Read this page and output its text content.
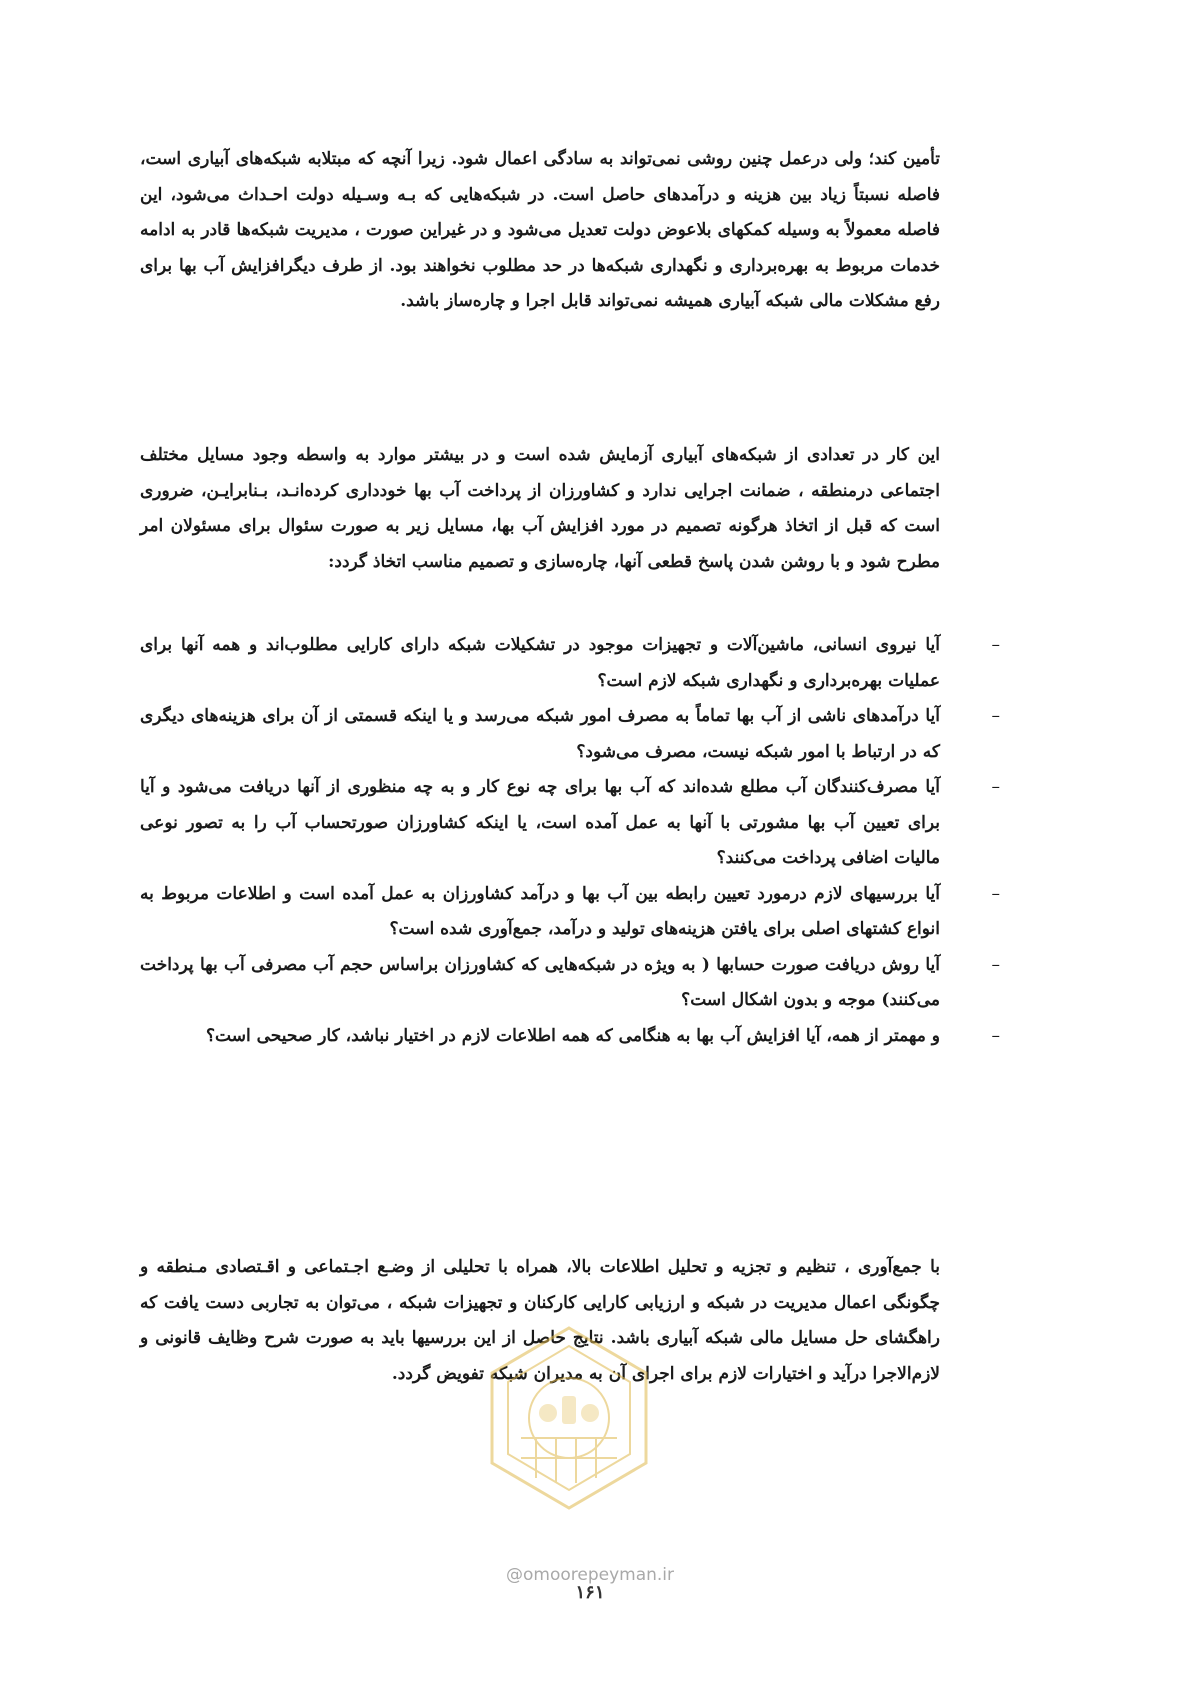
تأمین کند؛ ولی درعمل چنین روشی نمی‌تواند به سادگی اعمال شود. زیرا آنچه که مبتلابه شبکه‌های آبیاری است، فاصله نسبتاً زیاد بین هزینه و درآمدهای حاصل است. در شبکه‌هایی که بـه وسـیله دولت احـداث می‌شود، این فاصله معمولاً به وسیله کمکهای بلاعوض دولت تعدیل می‌شود و در غیراین صورت ، مدیریت شبکه‌ها قادر به ادامه خدمات مربوط به بهره‌برداری و نگهداری شبکه‌ها در حد مطلوب نخواهند بود. از طرف دیگرافزایش آب بها برای رفع مشکلات مالی شبکه آبیاری همیشه نمی‌تواند قابل اجرا و چاره‌ساز باشد.
این کار در تعدادی از شبکه‌های آبیاری آزمایش شده است و در بیشتر موارد به واسطه وجود مسایل مختلف اجتماعی درمنطقه ، ضمانت اجرایی ندارد و کشاورزان از پرداخت آب بها خودداری کرده‌انـد، بـنابرایـن، ضروری است که قبل از اتخاذ هرگونه تصمیم در مورد افزایش آب بها، مسایل زیر به صورت سئوال برای مسئولان امر مطرح شود و با روشن شدن پاسخ قطعی آنها، چاره‌سازی و تصمیم مناسب اتخاذ گردد:
–
آیا نیروی انسانی، ماشین‌آلات و تجهیزات موجود در تشکیلات شبکه دارای کارایی مطلوب‌اند و همه آنها برای عملیات بهره‌برداری و نگهداری شبکه لازم است؟
–
آیا درآمدهای ناشی از آب بها تماماً به مصرف امور شبکه می‌رسد و یا اینکه قسمتی از آن برای هزینه‌های دیگری که در ارتباط با امور شبکه نیست، مصرف می‌شود؟
–
آیا مصرف‌کنندگان آب مطلع شده‌اند که آب بها برای چه نوع کار و به چه منظوری از آنها دریافت می‌شود و آیا برای تعیین آب بها مشورتی با آنها به عمل آمده است، یا اینکه کشاورزان صورتحساب آب را به تصور نوعی مالیات اضافی پرداخت می‌کنند؟
–
آیا بررسیهای لازم درمورد تعیین رابطه بین آب بها و درآمد کشاورزان به عمل آمده است و اطلاعات مربوط به انواع کشتهای اصلی برای یافتن هزینه‌های تولید و درآمد، جمع‌آوری شده است؟
–
آیا روش دریافت صورت حسابها ( به ویژه در شبکه‌هایی که کشاورزان براساس حجم آب مصرفی آب بها پرداخت می‌کنند) موجه و بدون اشکال است؟
–
و مهمتر از همه، آیا افزایش آب بها به هنگامی که همه اطلاعات لازم در اختیار نباشد، کار صحیحی است؟
با جمع‌آوری ، تنظیم و تجزیه و تحلیل اطلاعات بالا، همراه با تحلیلی از وضـع اجـتماعی و اقـتصادی مـنطقه و چگونگی اعمال مدیریت در شبکه و ارزیابی کارایی کارکنان و تجهیزات شبکه ، می‌توان به تجاربی دست یافت که راهگشای حل مسایل مالی شبکه آبیاری باشد. نتایج حاصل از این بررسیها باید به صورت شرح وظایف قانونی و لازم‌الاجرا درآید و اختیارات لازم برای اجرای آن به مدیران شبکه تفویض گردد.
@omoorepeyman.ir
۱۶۱
